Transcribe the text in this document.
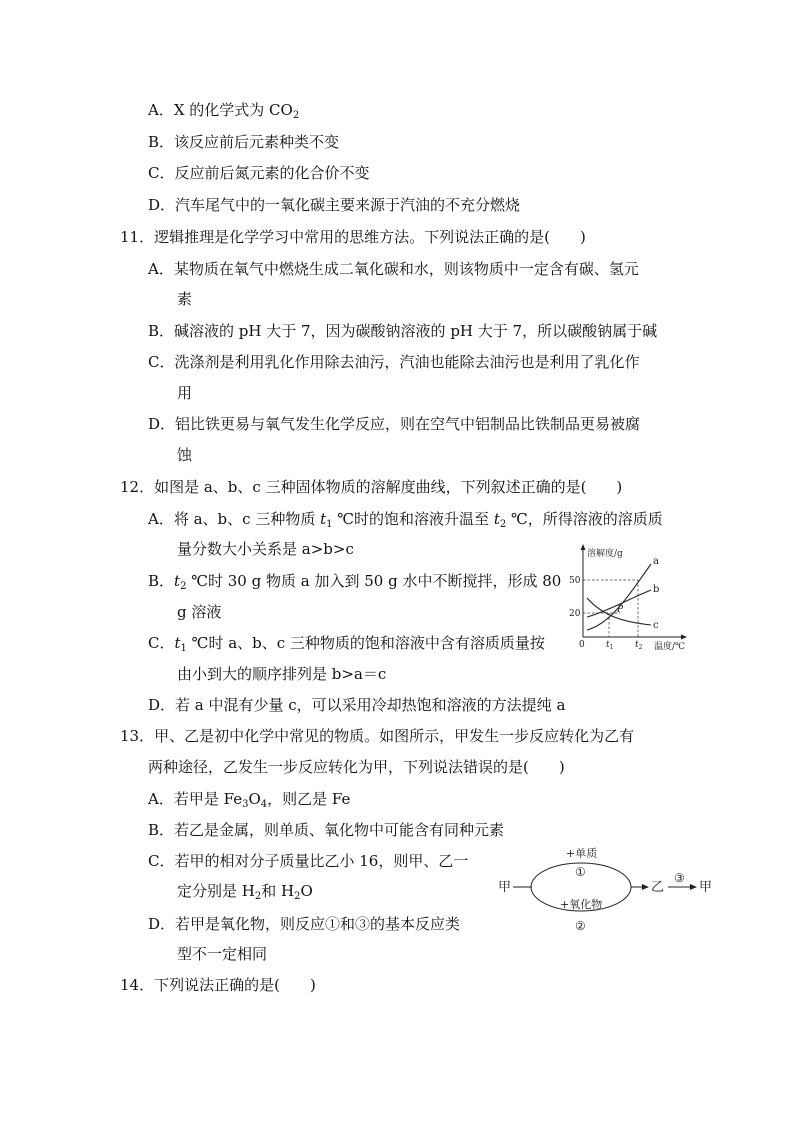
A．X 的化学式为 $CO_2$
B．该反应前后元素种类不变
C．反应前后氮元素的化合价不变
D．汽车尾气中的一氧化碳主要来源于汽油的不充分燃烧
11．逻辑推理是化学学习中常用的思维方法。下列说法正确的是(　　)
A．某物质在氧气中燃烧生成二氧化碳和水，则该物质中一定含有碳、氢元
素
B．碱溶液的 pH 大于 7，因为碳酸钠溶液的 pH 大于 7，所以碳酸钠属于碱
C．洗涤剂是利用乳化作用除去油污，汽油也能除去油污也是利用了乳化作
用
D．铝比铁更易与氧气发生化学反应，则在空气中铝制品比铁制品更易被腐
蚀
12．如图是 a、b、c 三种固体物质的溶解度曲线，下列叙述正确的是(　　)
A．将 a、b、c 三种物质 $t_1$ ℃时的饱和溶液升温至 $t_2$ ℃，所得溶液的溶质质
量分数大小关系是 a>b>c
B．$t_2$ ℃时 30 g 物质 a 加入到 50 g 水中不断搅拌，形成 80
g 溶液
C．$t_1$ ℃时 a、b、c 三种物质的饱和溶液中含有溶质质量按
由小到大的顺序排列是 b>a＝c
D．若 a 中混有少量 c，可以采用冷却热饱和溶液的方法提纯 a
溶解度/g
温度/℃
0
50
20
$t_1$ $t_2$
a
b
c
P
13．甲、乙是初中化学中常见的物质。如图所示，甲发生一步反应转化为乙有
两种途径，乙发生一步反应转化为甲，下列说法错误的是(　　)
A．若甲是 $Fe_3O_4$，则乙是 Fe
B．若乙是金属，则单质、氧化物中可能含有同种元素
C．若甲的相对分子质量比乙小 16，则甲、乙一
定分别是 $H_2$和 $H_2O$
D．若甲是氧化物，则反应①和③的基本反应类
型不一定相同
甲
+单质
①
+氧化物
②
乙
③
甲
14．下列说法正确的是(　　)
